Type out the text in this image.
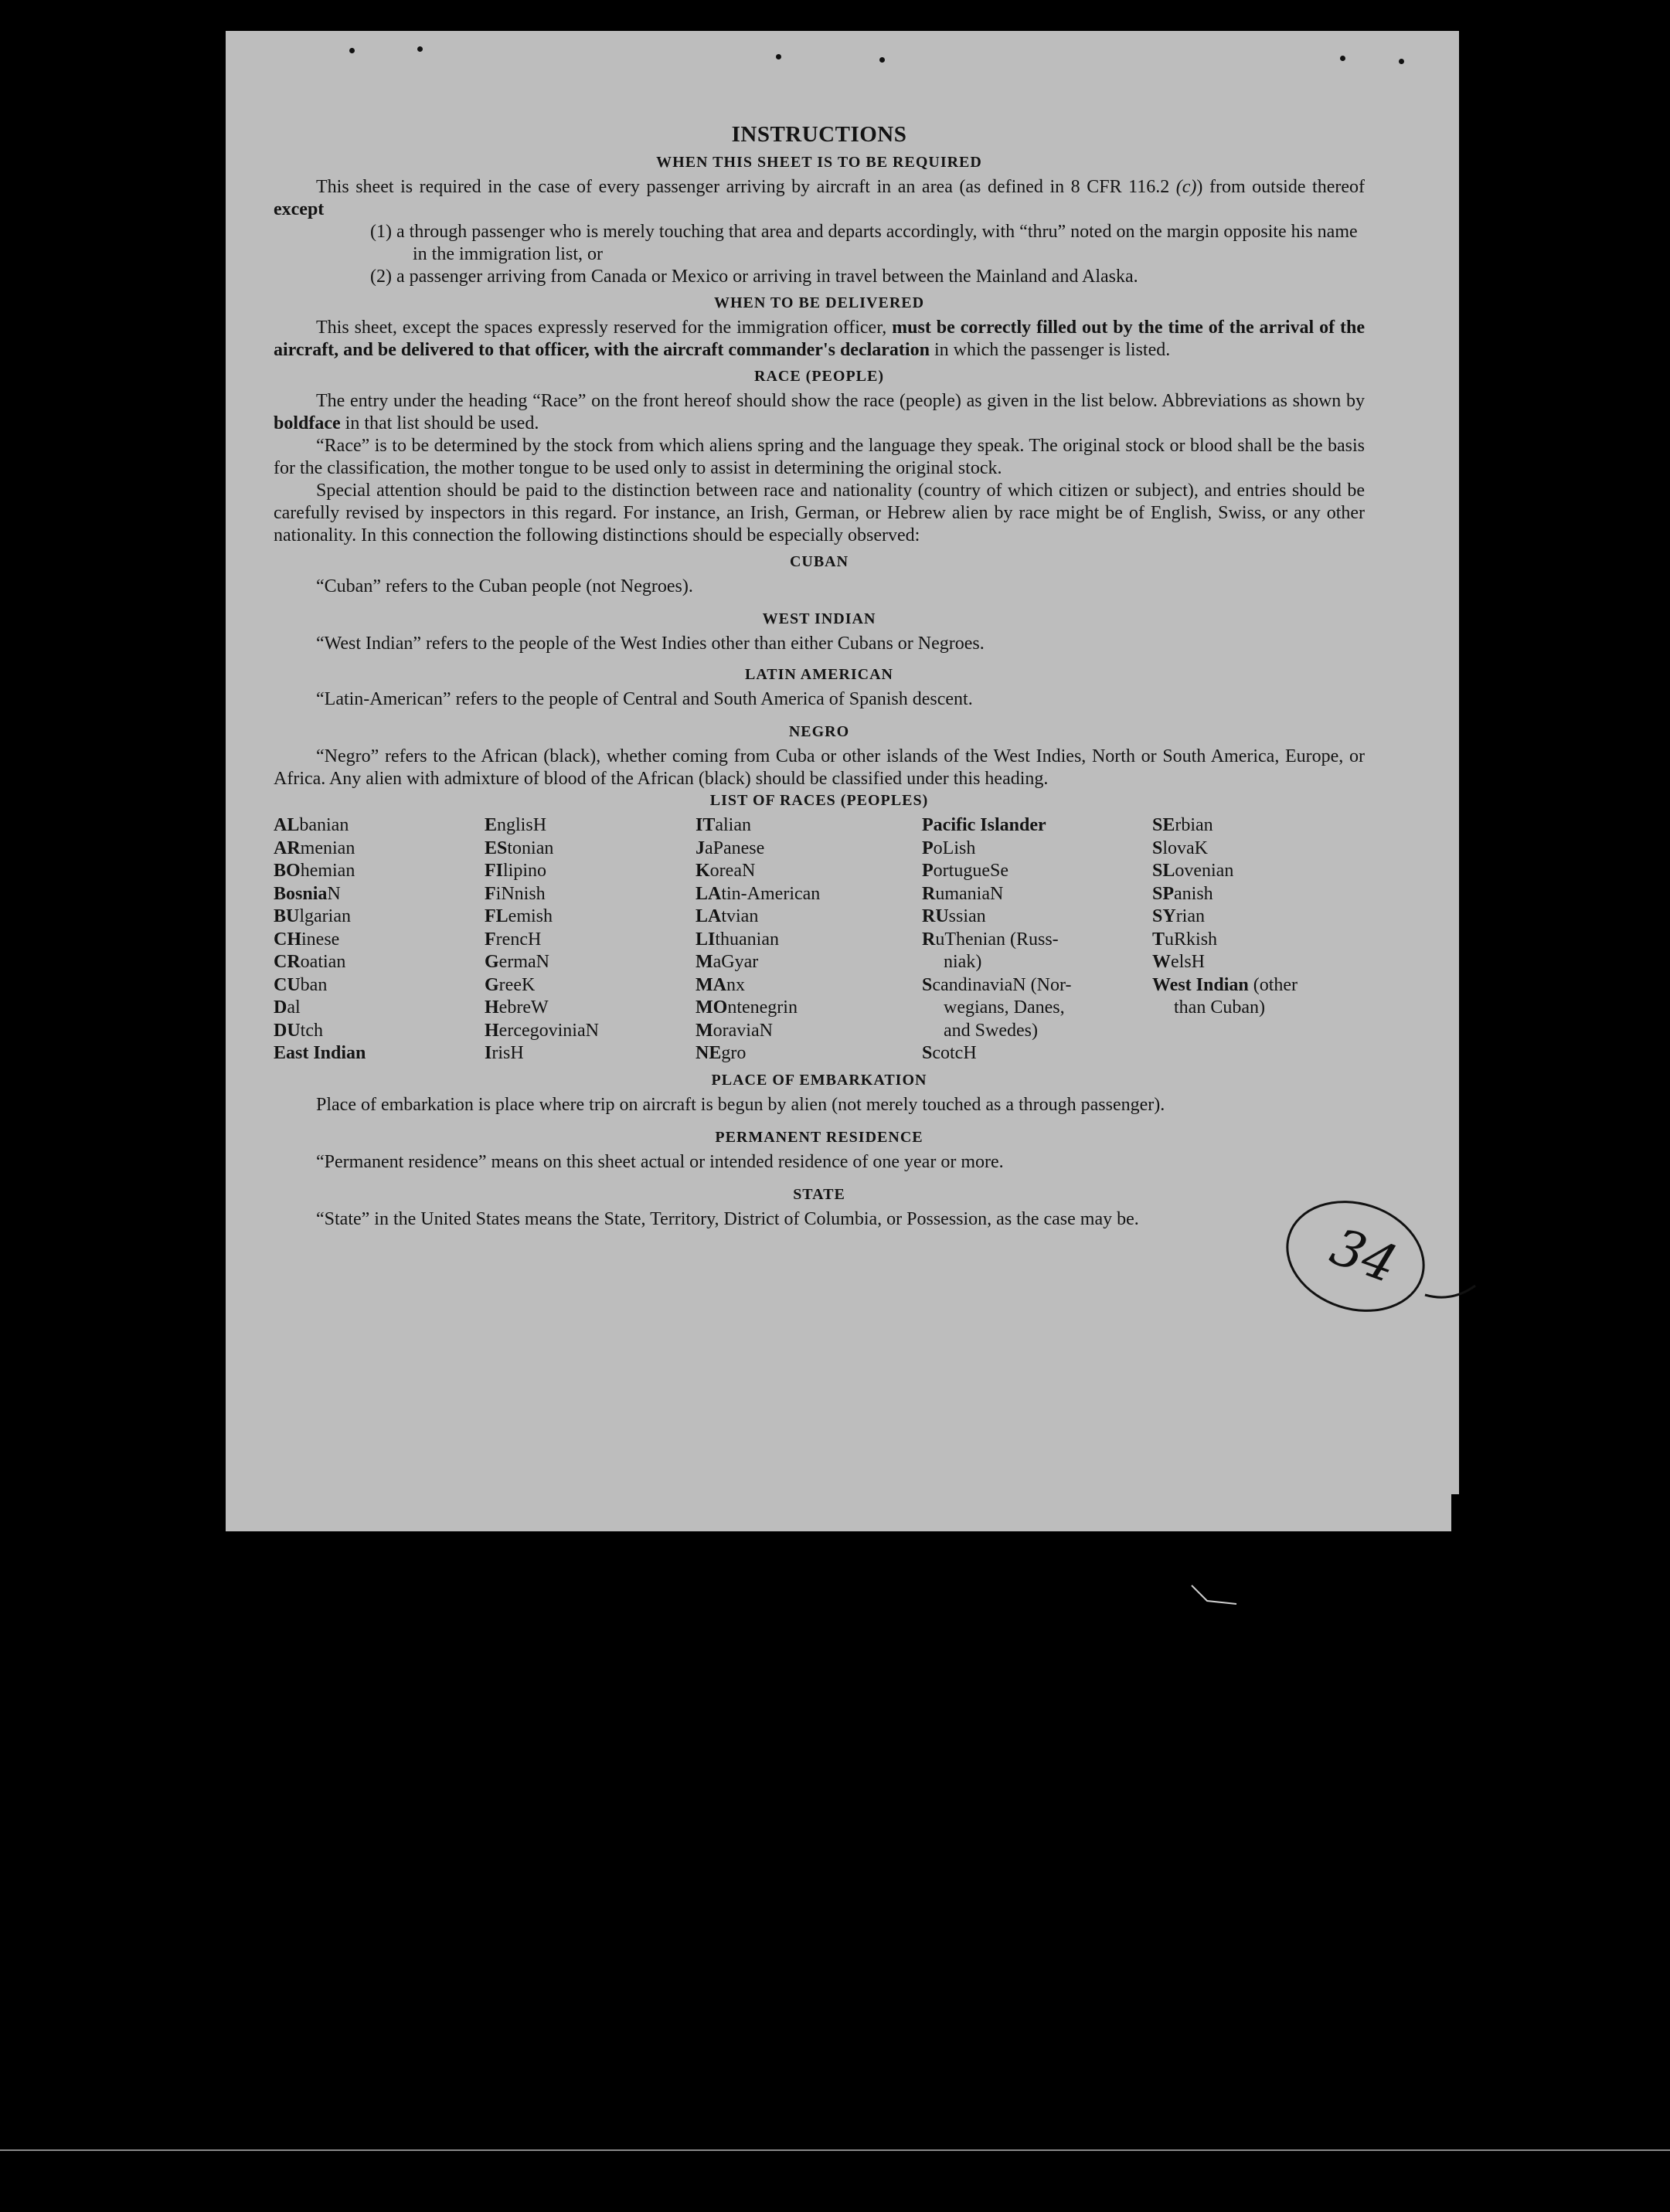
INSTRUCTIONS
WHEN THIS SHEET IS TO BE REQUIRED

This sheet is required in the case of every passenger arriving by aircraft in an area (as defined in 8 CFR 116.2 (c)) from outside thereof except

(1) a through passenger who is merely touching that area and departs accordingly, with “thru” noted on the margin opposite his name in the immigration list, or

(2) a passenger arriving from Canada or Mexico or arriving in travel between the Mainland and Alaska.

WHEN TO BE DELIVERED

This sheet, except the spaces expressly reserved for the immigration officer, must be correctly filled out by the time of the arrival of the aircraft, and be delivered to that officer, with the aircraft commander's declaration in which the passenger is listed.

RACE (PEOPLE)

The entry under the heading “Race” on the front hereof should show the race (people) as given in the list below. Abbreviations as shown by boldface in that list should be used.

“Race” is to be determined by the stock from which aliens spring and the language they speak. The original stock or blood shall be the basis for the classification, the mother tongue to be used only to assist in determining the original stock.

Special attention should be paid to the distinction between race and nationality (country of which citizen or subject), and entries should be carefully revised by inspectors in this regard. For instance, an Irish, German, or Hebrew alien by race might be of English, Swiss, or any other nationality. In this connection the following distinctions should be especially observed:

CUBAN

“Cuban” refers to the Cuban people (not Negroes).

WEST INDIAN

“West Indian” refers to the people of the West Indies other than either Cubans or Negroes.

LATIN AMERICAN

“Latin-American” refers to the people of Central and South America of Spanish descent.

NEGRO

“Negro” refers to the African (black), whether coming from Cuba or other islands of the West Indies, North or South America, Europe, or Africa. Any alien with admixture of blood of the African (black) should be classified under this heading.

LIST OF RACES (PEOPLES)
ALbanian
ARmenian
BOhemian
BosniaN
BUlgarian
CHinese
CRoatian
CUban
Dal
DUtch
East Indian
EnglisH
EStonian
FIlipino
FiNnish
FLemish
FrencH
GermaN
GreeK
HebreW
HercegoviniaN
IrisH
ITalian
JaPanese
KoreaN
LAtin-American
LAtvian
LIthuanian
MaGyar
MAnx
MOntenegrin
MoraviaN
NEgro
Pacific Islander
PoLish
PortugueSe
RumaniaN
RUssian
RuThenian (Russ-
niak)
ScandinaviaN (Nor-
wegians, Danes,
and Swedes)
ScotcH
SErbian
SlovaK
SLovenian
SPanish
SYrian
TuRkish
WelsH
West Indian (other
than Cuban)
PLACE OF EMBARKATION

Place of embarkation is place where trip on aircraft is begun by alien (not merely touched as a through passenger).

PERMANENT RESIDENCE

“Permanent residence” means on this sheet actual or intended residence of one year or more.

STATE

“State” in the United States means the State, Territory, District of Columbia, or Possession, as the case may be.	34
